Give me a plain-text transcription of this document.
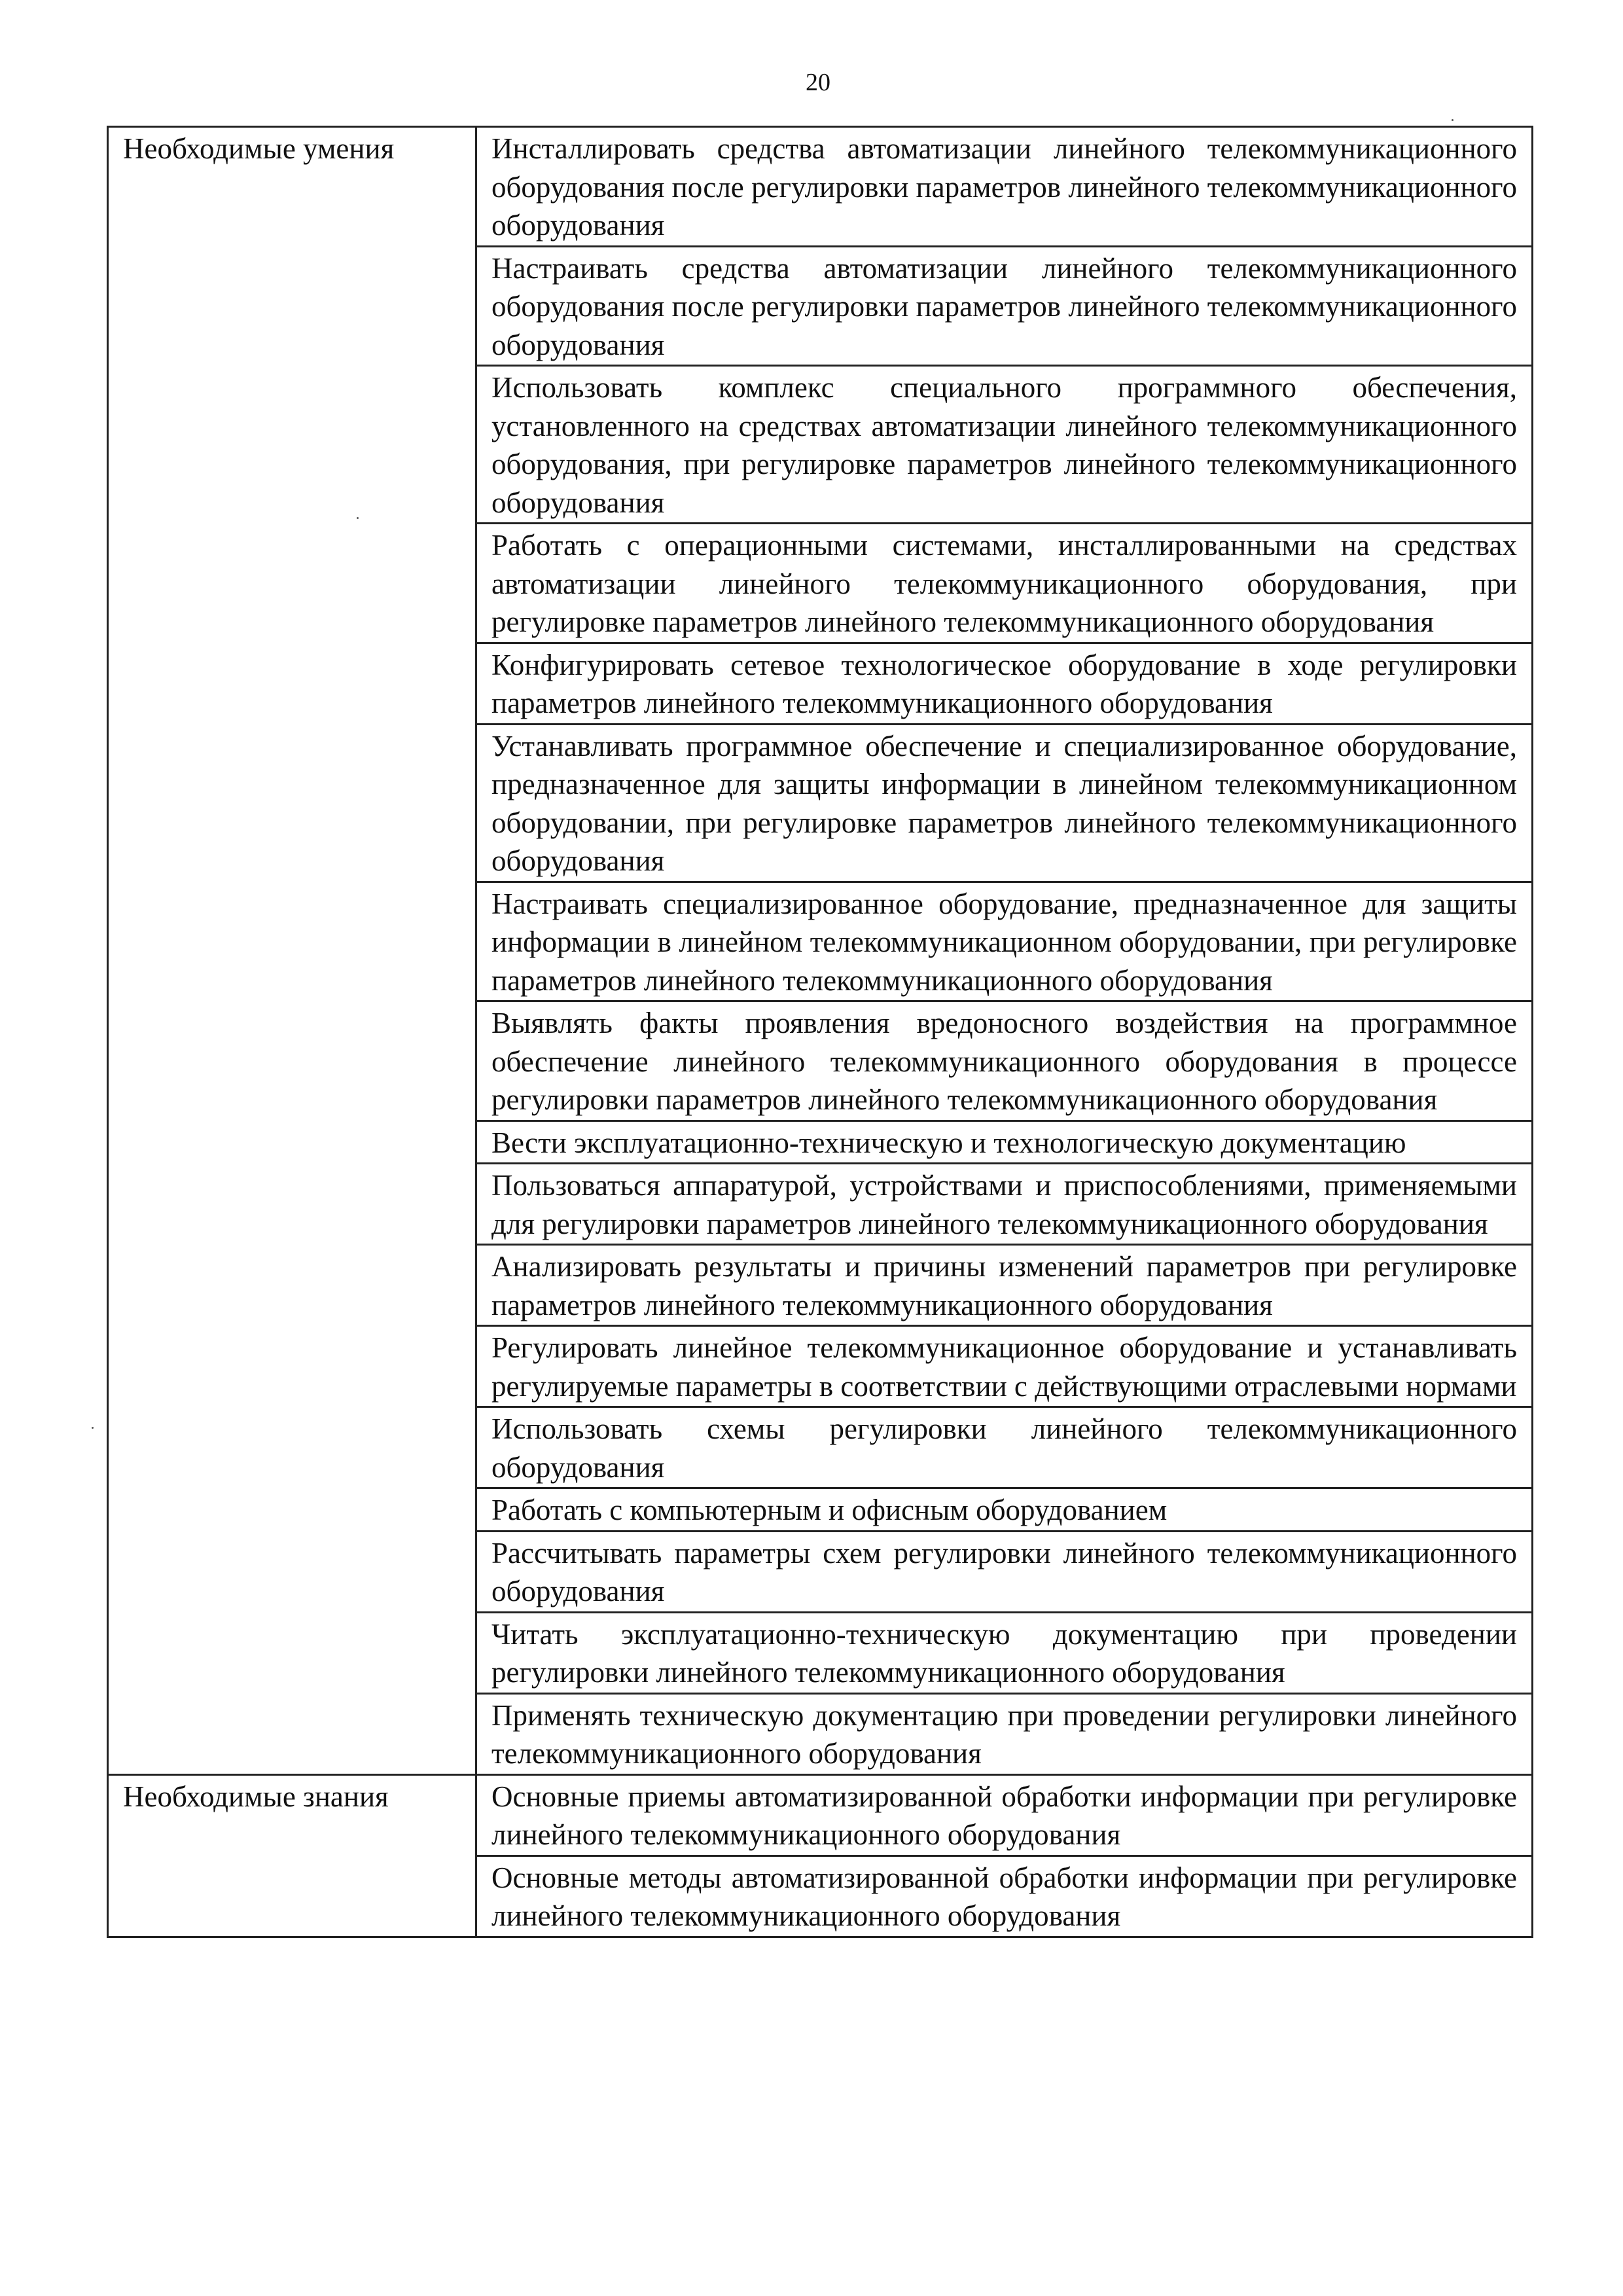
20
Необходимые умения	Инсталлировать средства автоматизации линейного телекоммуникационного оборудования после регулировки параметров линейного телекоммуникационного оборудования

	Настраивать средства автоматизации линейного телекоммуникационного оборудования после регулировки параметров линейного телекоммуникационного оборудования

	Использовать комплекс специального программного обеспечения, установленного на средствах автоматизации линейного телекоммуникационного оборудования, при регулировке параметров линейного телекоммуникационного оборудования

	Работать с операционными системами, инсталлированными на средствах автоматизации линейного телекоммуникационного оборудования, при регулировке параметров линейного телекоммуникационного оборудования

	Конфигурировать сетевое технологическое оборудование в ходе регулировки параметров линейного телекоммуникационного оборудования

	Устанавливать программное обеспечение и специализированное оборудование, предназначенное для защиты информации в линейном телекоммуникационном оборудовании, при регулировке параметров линейного телекоммуникационного оборудования

	Настраивать специализированное оборудование, предназначенное для защиты информации в линейном телекоммуникационном оборудовании, при регулировке параметров линейного телекоммуникационного оборудования

	Выявлять факты проявления вредоносного воздействия на программное обеспечение линейного телекоммуникационного оборудования в процессе регулировки параметров линейного телекоммуникационного оборудования

	Вести эксплуатационно-техническую и технологическую документацию

	Пользоваться аппаратурой, устройствами и приспособлениями, применяемыми для регулировки параметров линейного телекоммуникационного оборудования

	Анализировать результаты и причины изменений параметров при регулировке параметров линейного телекоммуникационного оборудования

	Регулировать линейное телекоммуникационное оборудование и устанавливать регулируемые параметры в соответствии с действующими отраслевыми нормами

	Использовать схемы регулировки линейного телекоммуникационного оборудования

	Работать с компьютерным и офисным оборудованием

	Рассчитывать параметры схем регулировки линейного телекоммуникационного оборудования

	Читать эксплуатационно-техническую документацию при проведении регулировки линейного телекоммуникационного оборудования

	Применять техническую документацию при проведении регулировки линейного телекоммуникационного оборудования

Необходимые знания	Основные приемы автоматизированной обработки информации при регулировке линейного телекоммуникационного оборудования

	Основные методы автоматизированной обработки информации при регулировке линейного телекоммуникационного оборудования
